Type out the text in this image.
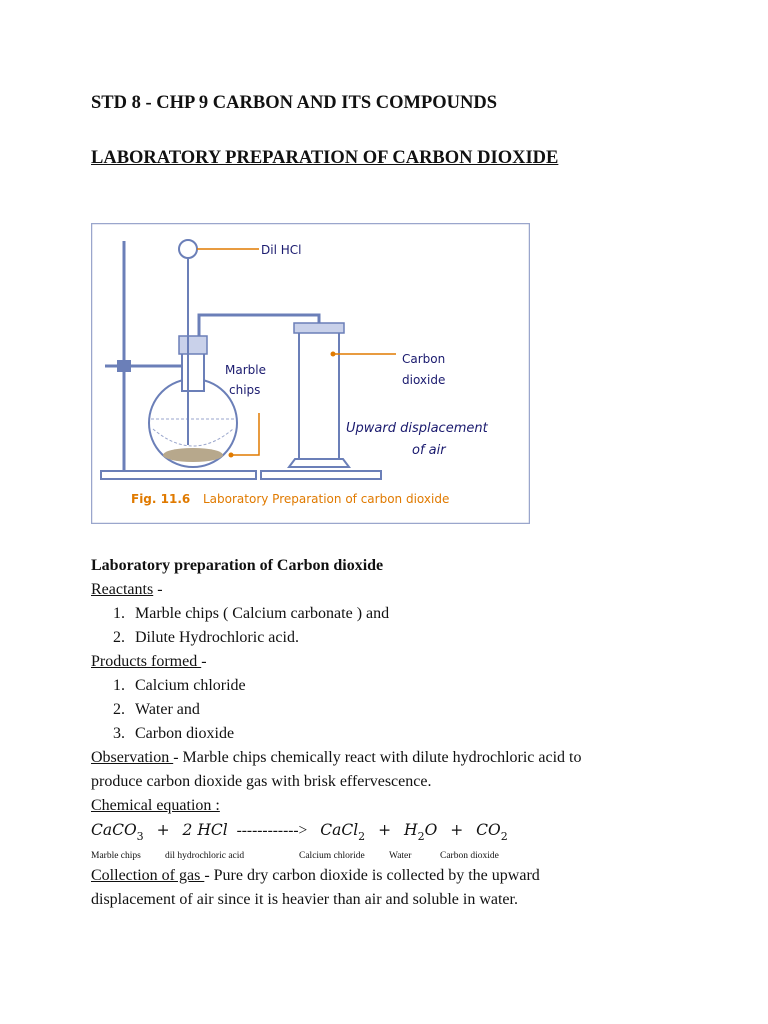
STD 8 - CHP 9 CARBON AND ITS COMPOUNDS
LABORATORY PREPARATION OF CARBON DIOXIDE
Dil HCl
Marble
chips
Carbon
dioxide
Upward displacement
of air
Fig. 11.6 Laboratory Preparation of carbon dioxide
Laboratory preparation of Carbon dioxide
Reactants -
1. Marble chips ( Calcium carbonate ) and
2. Dilute Hydrochloric acid.
Products formed -
1. Calcium chloride
2. Water and
3. Carbon dioxide
Observation - Marble chips chemically react with dilute hydrochloric acid to
produce carbon dioxide gas with brisk effervescence.
Chemical equation :
CaCO$_3$ + 2 HCl ------------> CaCl$_2$ + $H_2O + CO_2$
Marble chips	dil hydrochloric acid	Calcium chloride	Water	Carbon dioxide
Collection of gas - Pure dry carbon dioxide is collected by the upward
displacement of air since it is heavier than air and soluble in water.
